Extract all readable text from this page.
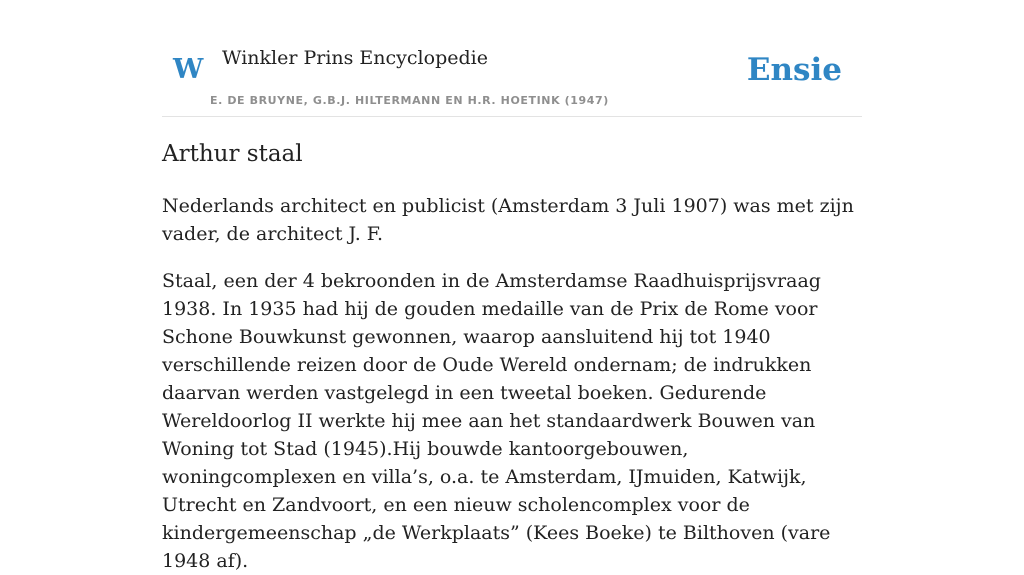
W Winkler Prins Encyclopedie
E. DE BRUYNE, G.B.J. HILTERMANN EN H.R. HOETINK (1947)
Ensie
Arthur staal

Nederlands architect en publicist (Amsterdam 3 Juli 1907) was met zijn vader, de architect J. F.

Staal, een der 4 bekroonden in de Amsterdamse Raadhuisprijsvraag 1938. In 1935 had hij de gouden medaille van de Prix de Rome voor Schone Bouwkunst gewonnen, waarop aansluitend hij tot 1940 verschillende reizen door de Oude Wereld ondernam; de indrukken daarvan werden vastgelegd in een tweetal boeken. Gedurende Wereldoorlog II werkte hij mee aan het standaardwerk Bouwen van Woning tot Stad (1945).Hij bouwde kantoorgebouwen, woningcomplexen en villa’s, o.a. te Amsterdam, IJmuiden, Katwijk, Utrecht en Zandvoort, en een nieuw scholencomplex voor de kindergemeenschap „de Werkplaats” (Kees Boeke) te Bilthoven (vare 1948 af).
